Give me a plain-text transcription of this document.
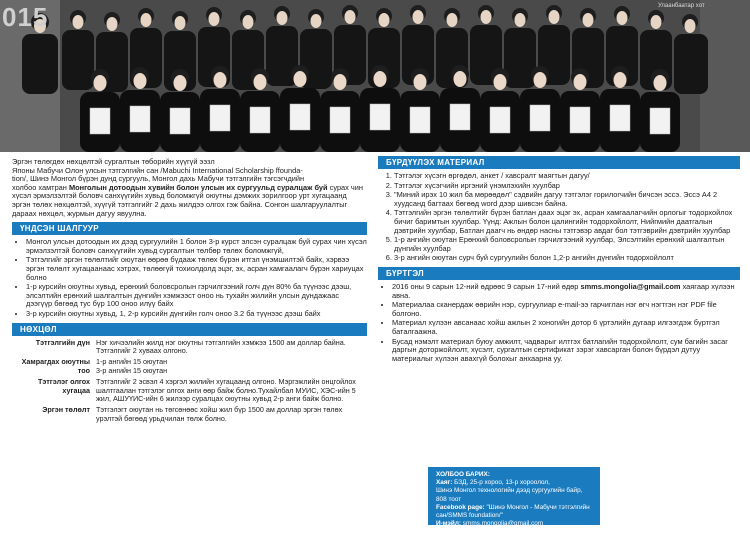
015	Улаанбаатар хот
Эргэн төлөгдөх нөхцөлтэй сургалтын төборийн хүүгүй ээзл
Японы Мабучи Олон улсын тэтгэлгийн сан /Mabuchi International Scholarship ffounda-
tion/, Шинэ Монгол бүрэн дунд сургууль, Монгол дахь Мабучи тэтгэлгийн тэгсэгчдийн
холбоо хамтран Монголын дотоодын хувийн болон улсын их сургуульд суралцаж буй сурах чин хүсэл эрмэлзэлтэй боловч санхүүгийн хувьд боломжгүй оюутны дэмжих зорилгоор урт хугацаанд эргэн төлөх нөхцөлтэй, хүүгүй тэтгэлгийг 2 дахь жилдээ олгох гэж байна. Сонгон шалгаруулалтыг дараах нөхцөл, журмын дагуу явуулна.
ҮНДСЭН ШАЛГУУР
• Монгол улсын дотоодын их дээд сургуулийн 1 болон 3-р курст элсэн суралцаж буй сурах чин хүсэл эрмэлзэлтэй боловч санхүүгийн хувьд сургалтын төлбөр төлөх боломжгүй,
• Тэтгэлгийг эргэн төлөлтийг оюутан өөрөө бүдааж төлөх бүрэн итгэл үнэмшилтэй байх, хэрвээ эргэн төлөлт хугацаанаас хэтрэх, төлөөгүй тохиолдолд эцэг, эх, асран хамгаалагч бүрэн хариуцах болно
• 1-р курсийн оюутны хувьд, ерөнхий боловсролын гэрчилгээний голч дүн 80% ба түүнээс дээш, элсэлтийн ерөнхий шалгалтын дүнгийн хэмжээст оноо нь тухайн жилийн улсын дундажаас дээгүүр бөгөөд тус бүр 100 оноо илүү байх
• 3-р курсийн оюутны хувьд, 1, 2-р курсийн дүнгийн голч оноо 3.2 ба түүнээс дээш байх
НӨХЦӨЛ
Тэтгэлгийн дүн	Нэг хичээлийн жилд нэг оюутны тэтгэлгийн хэмжээ 1500 ам доллар байна. Тэтгэлгийг 2 хуваах олгоно.
Хамрагдах оюутны тоо	1-р ангийн 15 оюутан
3-р ангийн 15 оюутан
Тэтгэлэг олгох хугацаа	Тэтгэлгийг 2 эсвэл 4 хэргэл жилийн хугацаанд олгоно. Мэргэжлийн онцгойлох шалтгаалан тэтгэлэг олгох анги өөр байж болно.Тухайлбал МУИС, ХЭС-ийн 5 жил, АШУҮИС-ийн 6 жилээр суралцах оюутны хувьд 2-р анги байж болно.
Эргэн төлөлт	Тэтгэлэгт оюутан нь төгсөнөөс хойш жил бүр 1500 ам доллар эргэн төлөх урэлтэй бөгөөд урьдчилан төлж болно.
БҮРДҮҮЛЭХ МАТЕРИАЛ
1. Тэтгэлэг хүсэгн өргөдөл, анкет / хавсралт маягтын дагуу/
2. Тэтгэлэг хүсэгчийн иргэний үнэмлэхийн хуулбар
3. "Миний ирэх 10 жил ба мөрөөдөл" сэдвийн дагуу тэтгэлэг горилогчийн бичсэн эссэ. Эссэ А4 2 хуудсанд багтаах бөгөөд word дээр шивсэн байна.
4. Тэтгэлгийн эргэн төлөлтийг бүрэн батлан даах эцэг эх, асран хамгаалагчийн орлогыг тодорхойлох бичиг баримтын хуулбар. Үүнд: Ажлын болон цалингийн тодорхойлолт, Нийгмийн даатгалын дэвтрийн хуулбар, Батлан даагч нь өндөр насны тэтгэвэр авдаг бол тэтгэврийн дэвтрийн хуулбар
5. 1-р ангийн оюутан Ерөнхий боловсролын гэрчилгээний хуулбар, Элсэлтийн ерөнхий шалгалтын дүнгийн хуулбар
6. 3-р ангийн оюутан сурч буй сургуулийн болон 1,2-р ангийн дүнгийн тодорхойлолт
БҮРТГЭЛ
• 2016 оны 9 сарын 12-ний өдрөөс 9 сарын 17-ний өдөр smms.mongolia@gmail.com хаягаар хүлээн авна.
• Материалаа сканердаж өөрийн нэр, сургуулиар е-mail-ээ гарчиглан нэг өгч нэгтгэн нэг PDF file болгоно.
• Материал хүлээн авсанаас хойш ажлын 2 хоногийн дотор 6 үртэлийн дугаар илгээгдэж бүртгэл баталгаажна.
• Бусад нэмэлт материал буюу амжилт, чадварыг илтгэх батлагийн тодорхойлолт, сум багийн засаг даргын доторжойлолт, хүсэлт, сургалтын сертификат зэрэг хавсарган болон бүрдэл дутуу материалыг хүлээн авахгүй болохыг анхаарна уу.
ХОЛБОО БАРИХ:
Хаяг: БЗД, 25-р хороо, 13-р хороолол,
Шинэ Монгол технологийн дээд сургуулийн байр, 808 тоот
Facebook page: "Шинэ Монгол - Мабучи тэтгэлгийн сан/SMMS foundation/"
И-мэйл: smms.mongolia@gmail.com
Холбогдох утас: 8801 1191, 9971 5214
